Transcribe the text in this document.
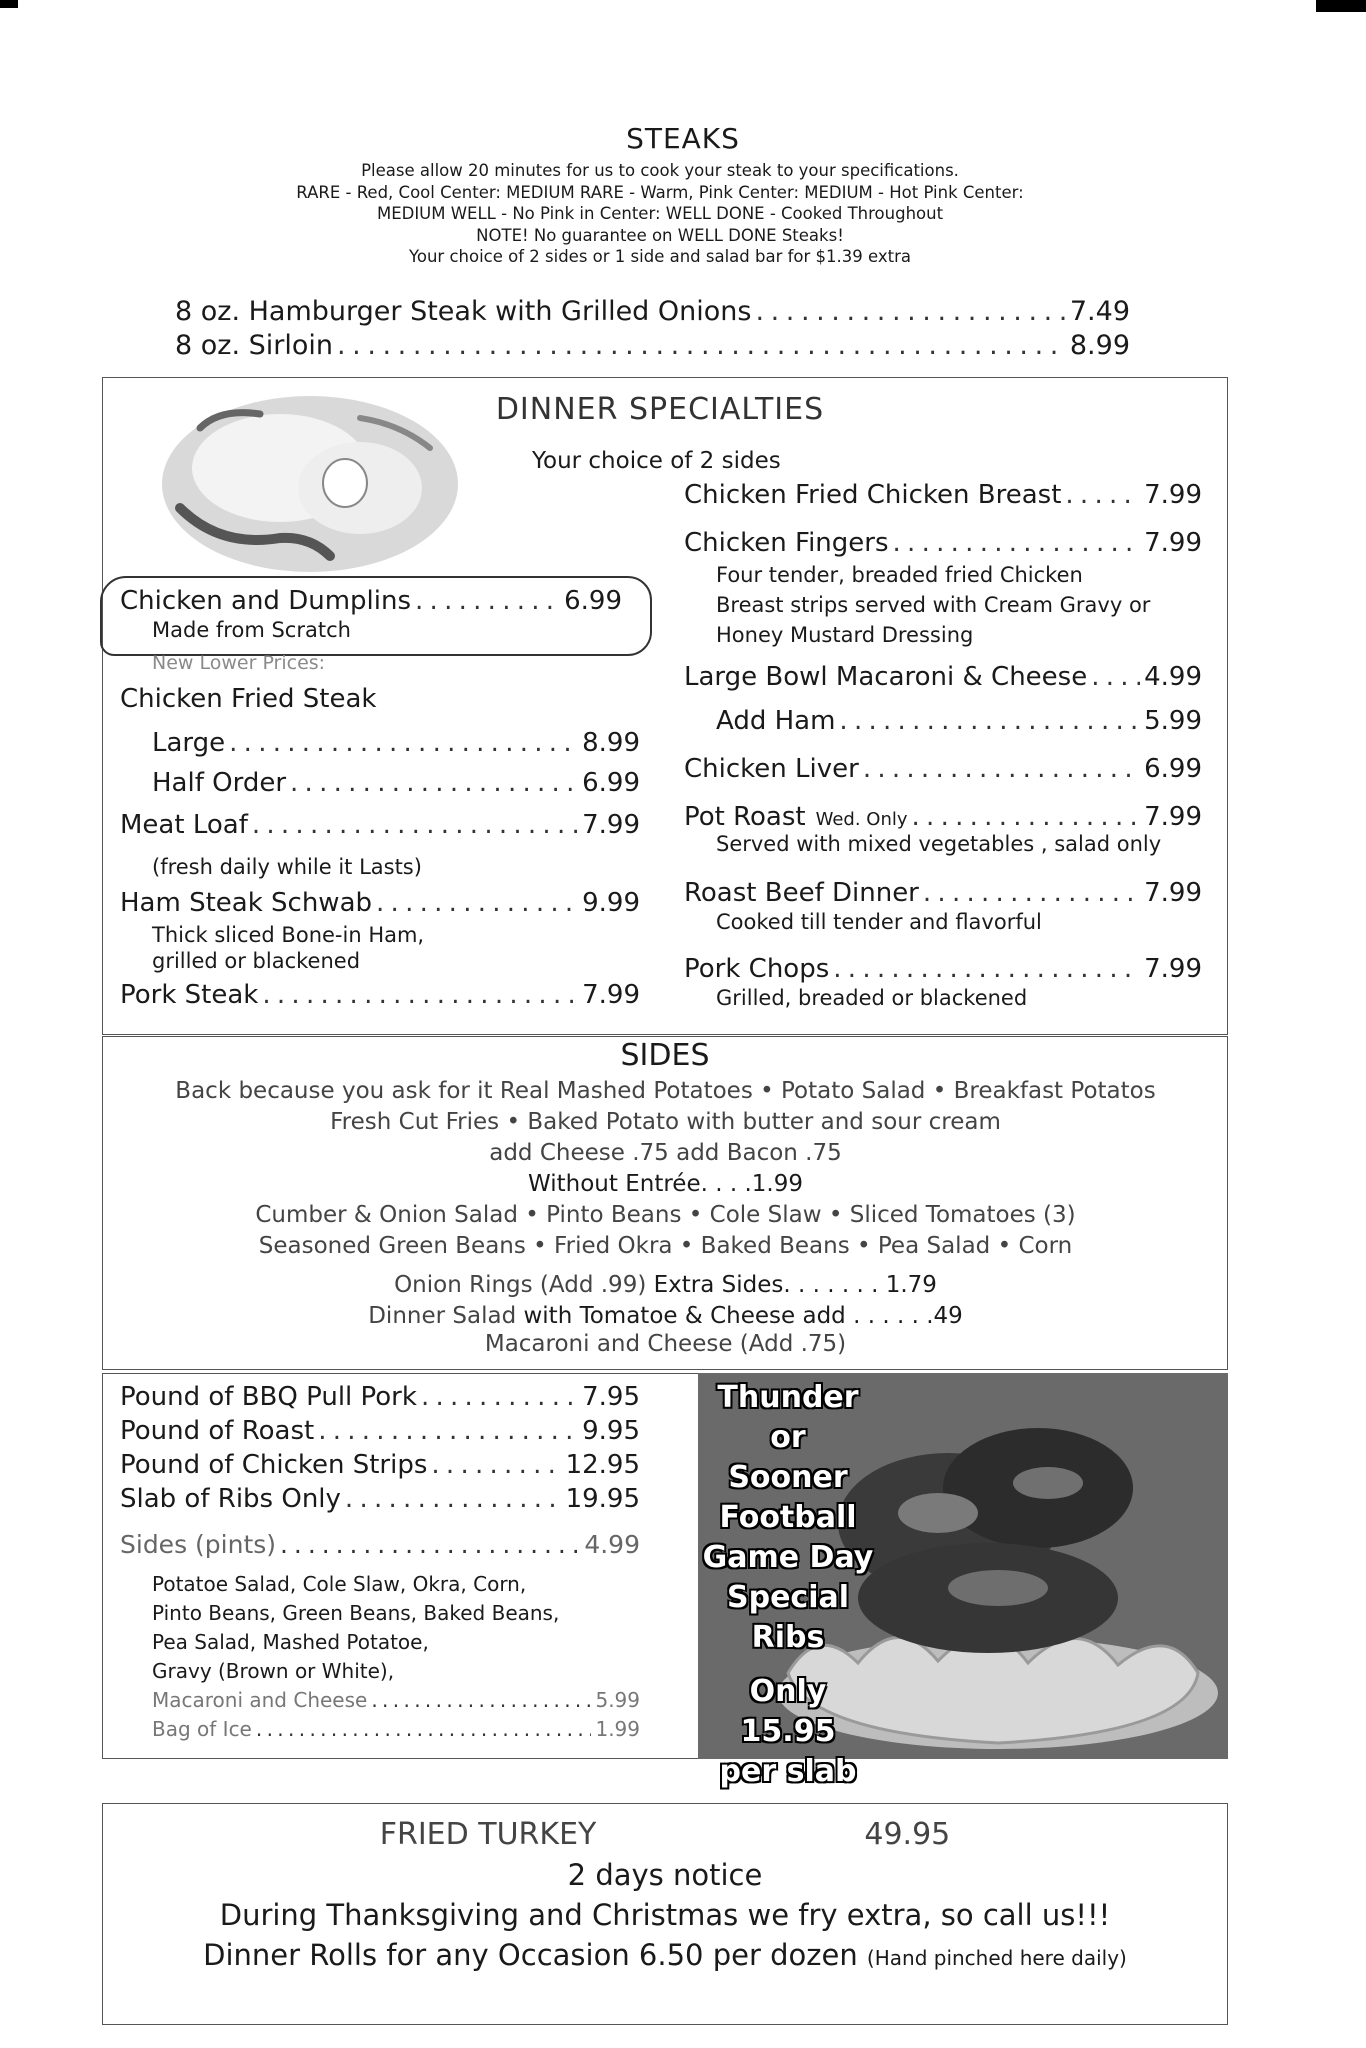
STEAKS
Please allow 20 minutes for us to cook your steak to your specifications.
RARE - Red, Cool Center: MEDIUM RARE - Warm, Pink Center: MEDIUM - Hot Pink Center:
MEDIUM WELL - No Pink in Center: WELL DONE - Cooked Throughout
NOTE! No guarantee on WELL DONE Steaks!
Your choice of 2 sides or 1 side and salad bar for $1.39 extra
8 oz. Hamburger Steak with Grilled Onions . . .	7.49
8 oz. Sirloin . . .	8.99
DINNER SPECIALTIES
Your choice of 2 sides
Chicken and Dumplins . . .	6.99
Made from Scratch
New Lower Prices:
Chicken Fried Steak
Large . . .	8.99
Half Order . . .	6.99
Meat Loaf . . .	7.99
(fresh daily while it Lasts)
Ham Steak Schwab . . .	9.99
Thick sliced Bone-in Ham, grilled or blackened
Pork Steak . . .	7.99
Chicken Fried Chicken Breast . . .	7.99
Chicken Fingers . . .	7.99
Four tender, breaded fried Chicken Breast strips served with Cream Gravy or Honey Mustard Dressing
Large Bowl Macaroni & Cheese . . . 4.99
Add Ham . . .	5.99
Chicken Liver . . .	6.99
Pot Roast Wed. Only . . .	7.99
Served with mixed vegetables , salad only
Roast Beef Dinner . . .	7.99
Cooked till tender and flavorful
Pork Chops . . .	7.99
Grilled, breaded or blackened
SIDES
Back because you ask for it Real Mashed Potatoes • Potato Salad • Breakfast Potatos
Fresh Cut Fries • Baked Potato with butter and sour cream
add Cheese .75 add Bacon .75
Without Entrée. . . .1.99
Cumber & Onion Salad • Pinto Beans • Cole Slaw • Sliced Tomatoes (3)
Seasoned Green Beans • Fried Okra • Baked Beans • Pea Salad • Corn
Onion Rings (Add .99) Extra Sides. . . . . . . 1.79
Dinner Salad with Tomatoe & Cheese add . . . . . .49
Macaroni and Cheese (Add .75)
Pound of BBQ Pull Pork . . .	7.95
Pound of Roast . . .	9.95
Pound of Chicken Strips . . .	12.95
Slab of Ribs Only . . .	19.95
Sides (pints) . . .	4.99
Potatoe Salad, Cole Slaw, Okra, Corn,
Pinto Beans, Green Beans, Baked Beans,
Pea Salad, Mashed Potatoe,
Gravy (Brown or White),
Macaroni and Cheese . . .	5.99
Bag of Ice . . .	1.99
Thunder
or
Sooner
Football
Game Day
Special
Ribs
Only 15.95
per slab
FRIED TURKEY	49.95
2 days notice
During Thanksgiving and Christmas we fry extra, so call us!!!
Dinner Rolls for any Occasion 6.50 per dozen (Hand pinched here daily)
